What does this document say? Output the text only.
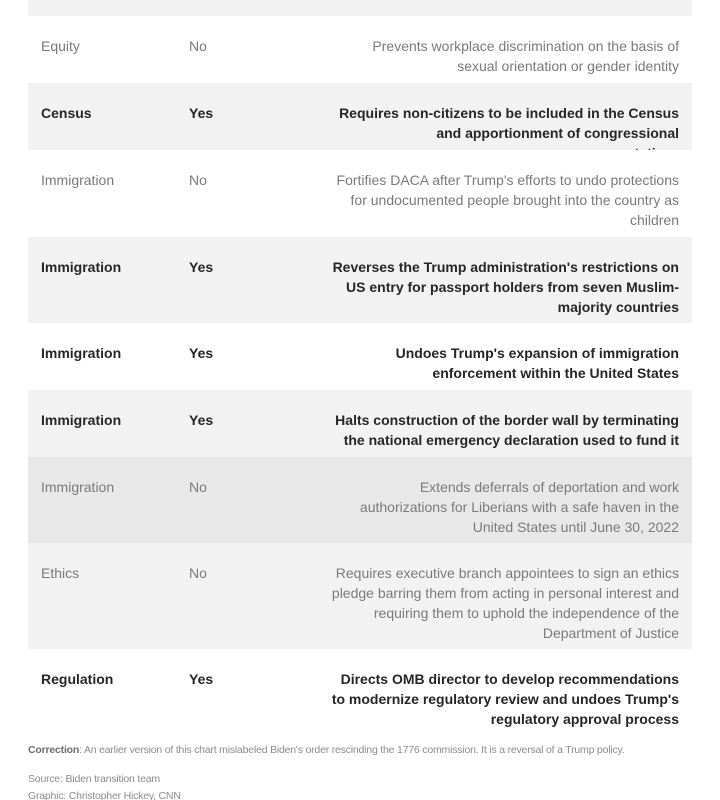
Equity	No	Prevents workplace discrimination on the basis of sexual orientation or gender identity
Census	Yes	Requires non-citizens to be included in the Census and apportionment of congressional
Immigration	No	Fortifies DACA after Trump's efforts to undo protections for undocumented people brought into the country as children
Immigration	Yes	Reverses the Trump administration's restrictions on US entry for passport holders from seven Muslim-majority countries
Immigration	Yes	Undoes Trump's expansion of immigration enforcement within the United States
Immigration	Yes	Halts construction of the border wall by terminating the national emergency declaration used to fund it
Immigration	No	Extends deferrals of deportation and work authorizations for Liberians with a safe haven in the United States until June 30, 2022
Ethics	No	Requires executive branch appointees to sign an ethics pledge barring them from acting in personal interest and requiring them to uphold the independence of the Department of Justice
Regulation	Yes	Directs OMB director to develop recommendations to modernize regulatory review and undoes Trump's regulatory approval process
Correction: An earlier version of this chart mislabeled Biden's order rescinding the 1776 commission. It is a reversal of a Trump policy.
Source: Biden transition team
Graphic: Christopher Hickey, CNN
